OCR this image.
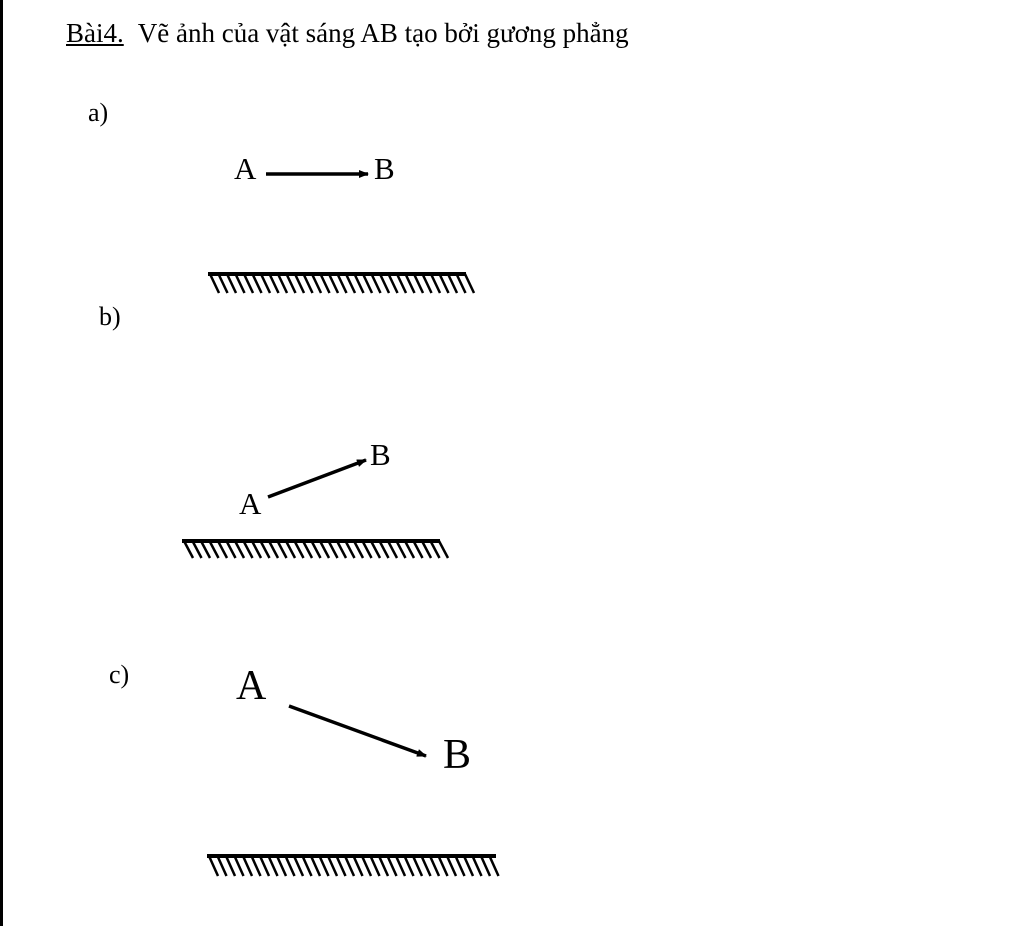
Bài4. Vẽ ảnh của vật sáng AB tạo bởi gương phẳng
a)
b)
c)
A	B
A
B
A
B
